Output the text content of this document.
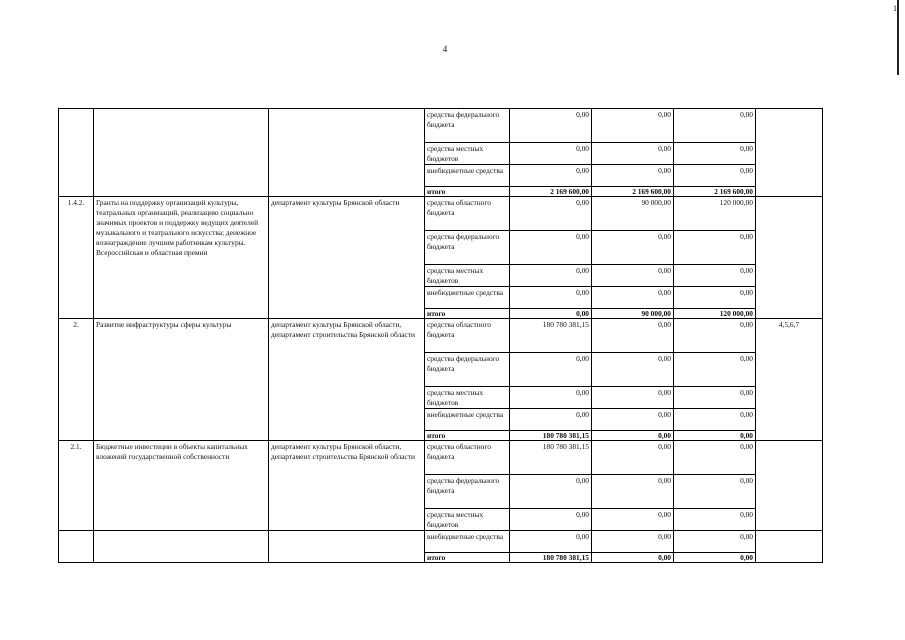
4
1
			средства федерального бюджета	0,00	0,00	0,00	
			средства местных бюджетов	0,00	0,00	0,00	
			внебюджетные средства	0,00	0,00	0,00	
			итого	2 169 600,00	2 169 600,00	2 169 600,00	
1.4.2.	Гранты на поддержку организаций культуры, театральных организаций, реализацию социально значимых проектов и поддержку ведущих деятелей музыкального и театрального искусства; денежное вознаграждение лучшим работникам культуры. Всероссийская и областная премии	департамент культуры Брянской области	средства областного бюджета	0,00	90 000,00	120 000,00	
			средства федерального бюджета	0,00	0,00	0,00	
			средства местных бюджетов	0,00	0,00	0,00	
			внебюджетные средства	0,00	0,00	0,00	
			итого	0,00	90 000,00	120 000,00	
2.	Развитие инфраструктуры сферы культуры	департамент культуры Брянской области, департамент строительства Брянской области	средства областного бюджета	180 780 381,15	0,00	0,00	4,5,6,7
			средства федерального бюджета	0,00	0,00	0,00	
			средства местных бюджетов	0,00	0,00	0,00	
			внебюджетные средства	0,00	0,00	0,00	
			итого	180 780 381,15	0,00	0,00	
2.1.	Бюджетные инвестиции в объекты капитальных вложений государственной собственности	департамент культуры Брянской области, департамент строительства Брянской области	средства областного бюджета	180 780 381,15	0,00	0,00	
			средства федерального бюджета	0,00	0,00	0,00	
			средства местных бюджетов	0,00	0,00	0,00	
			внебюджетные средства	0,00	0,00	0,00	
			итого	180 780 381,15	0,00	0,00	
